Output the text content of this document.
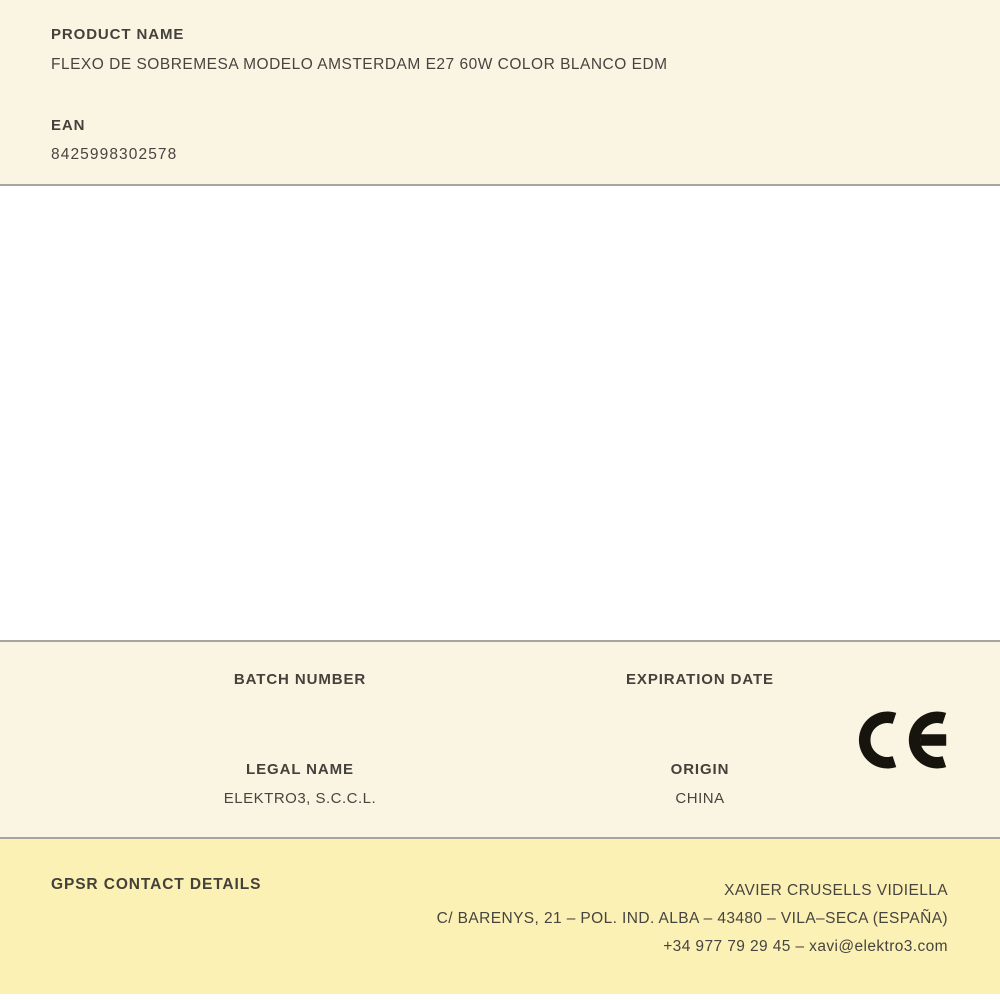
PRODUCT NAME
FLEXO DE SOBREMESA MODELO AMSTERDAM E27 60W COLOR BLANCO EDM
EAN
8425998302578
BATCH NUMBER	EXPIRATION DATE
LEGAL NAME
ELEKTRO3, S.C.C.L.
ORIGIN
CHINA
GPSR CONTACT DETAILS	XAVIER CRUSELLS VIDIELLA
C/ BARENYS, 21 – POL. IND. ALBA – 43480 – VILA–SECA (ESPAÑA)
+34 977 79 29 45 – xavi@elektro3.com
